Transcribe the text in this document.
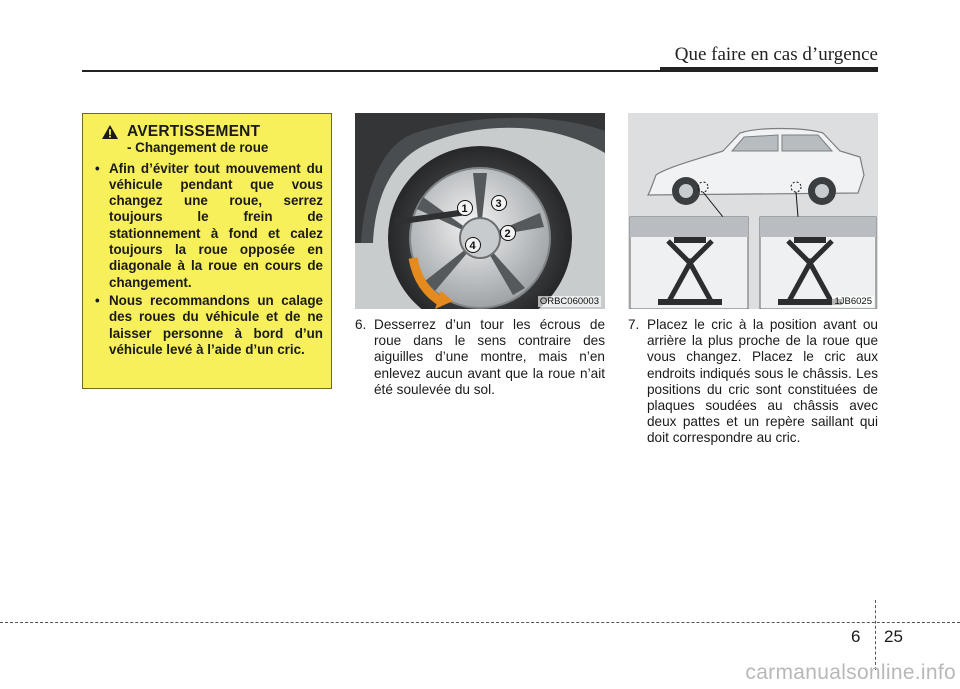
Que faire en cas d’urgence
AVERTISSEMENT
- Changement de roue
• Afin d’éviter tout mouvement du véhicule pendant que vous changez une roue, serrez toujours le frein de stationnement à fond et calez toujours la roue opposée en diagonale à la roue en cours de changement.
• Nous recommandons un calage des roues du véhicule et de ne laisser personne à bord d’un véhicule levé à l’aide d’un cric.
1
2
3
4
ORBC060003	1JB6025
6. Desserrez d’un tour les écrous de roue dans le sens contraire des aiguilles d’une montre, mais n’en enlevez aucun avant que la roue n’ait été soulevée du sol.
7. Placez le cric à la position avant ou arrière la plus proche de la roue que vous changez. Placez le cric aux endroits indiqués sous le châssis. Les positions du cric sont constituées de plaques soudées au châssis avec deux pattes et un repère saillant qui doit correspondre au cric.
6 25
carmanualsonline.info
